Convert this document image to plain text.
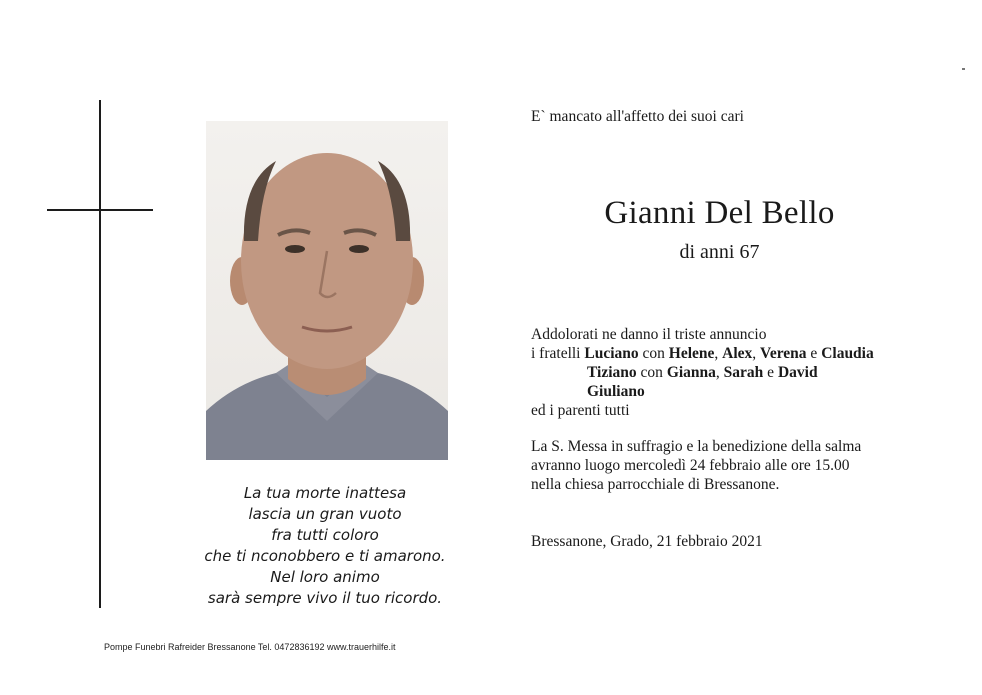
La tua morte inattesa
lascia un gran vuoto
fra tutti coloro
che ti nconobbero e ti amarono.
Nel loro animo
sarà sempre vivo il tuo ricordo.
Pompe Funebri Rafreider Bressanone Tel. 0472836192 www.trauerhilfe.it
E` mancato all'affetto dei suoi cari
Gianni Del Bello
di anni 67
Addolorati ne danno il triste annuncio
i fratelli Luciano con Helene, Alex, Verena e Claudia
Tiziano con Gianna, Sarah e David
Giuliano
ed i parenti tutti
La S. Messa in suffragio e la benedizione della salma
avranno luogo mercoledì 24 febbraio alle ore 15.00
nella chiesa parrocchiale di Bressanone.
Bressanone, Grado, 21 febbraio 2021
